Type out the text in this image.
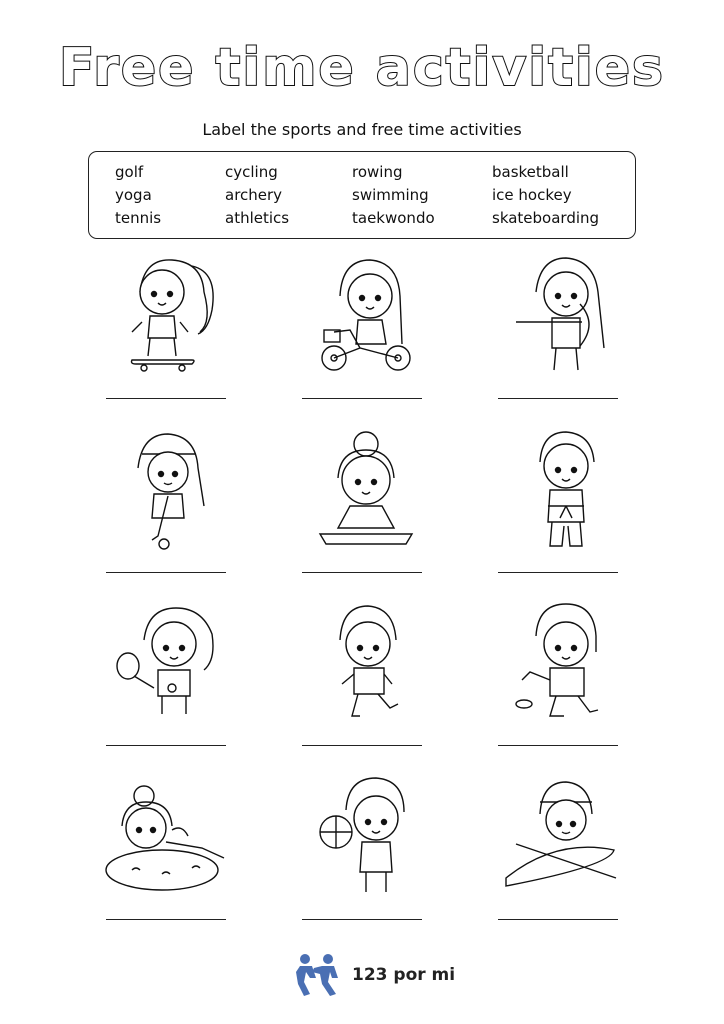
Free time activities
Label the sports and free time activities
golf	cycling	rowing	basketball
yoga	archery	swimming	ice hockey
tennis	athletics	taekwondo	skateboarding
123 por mi
